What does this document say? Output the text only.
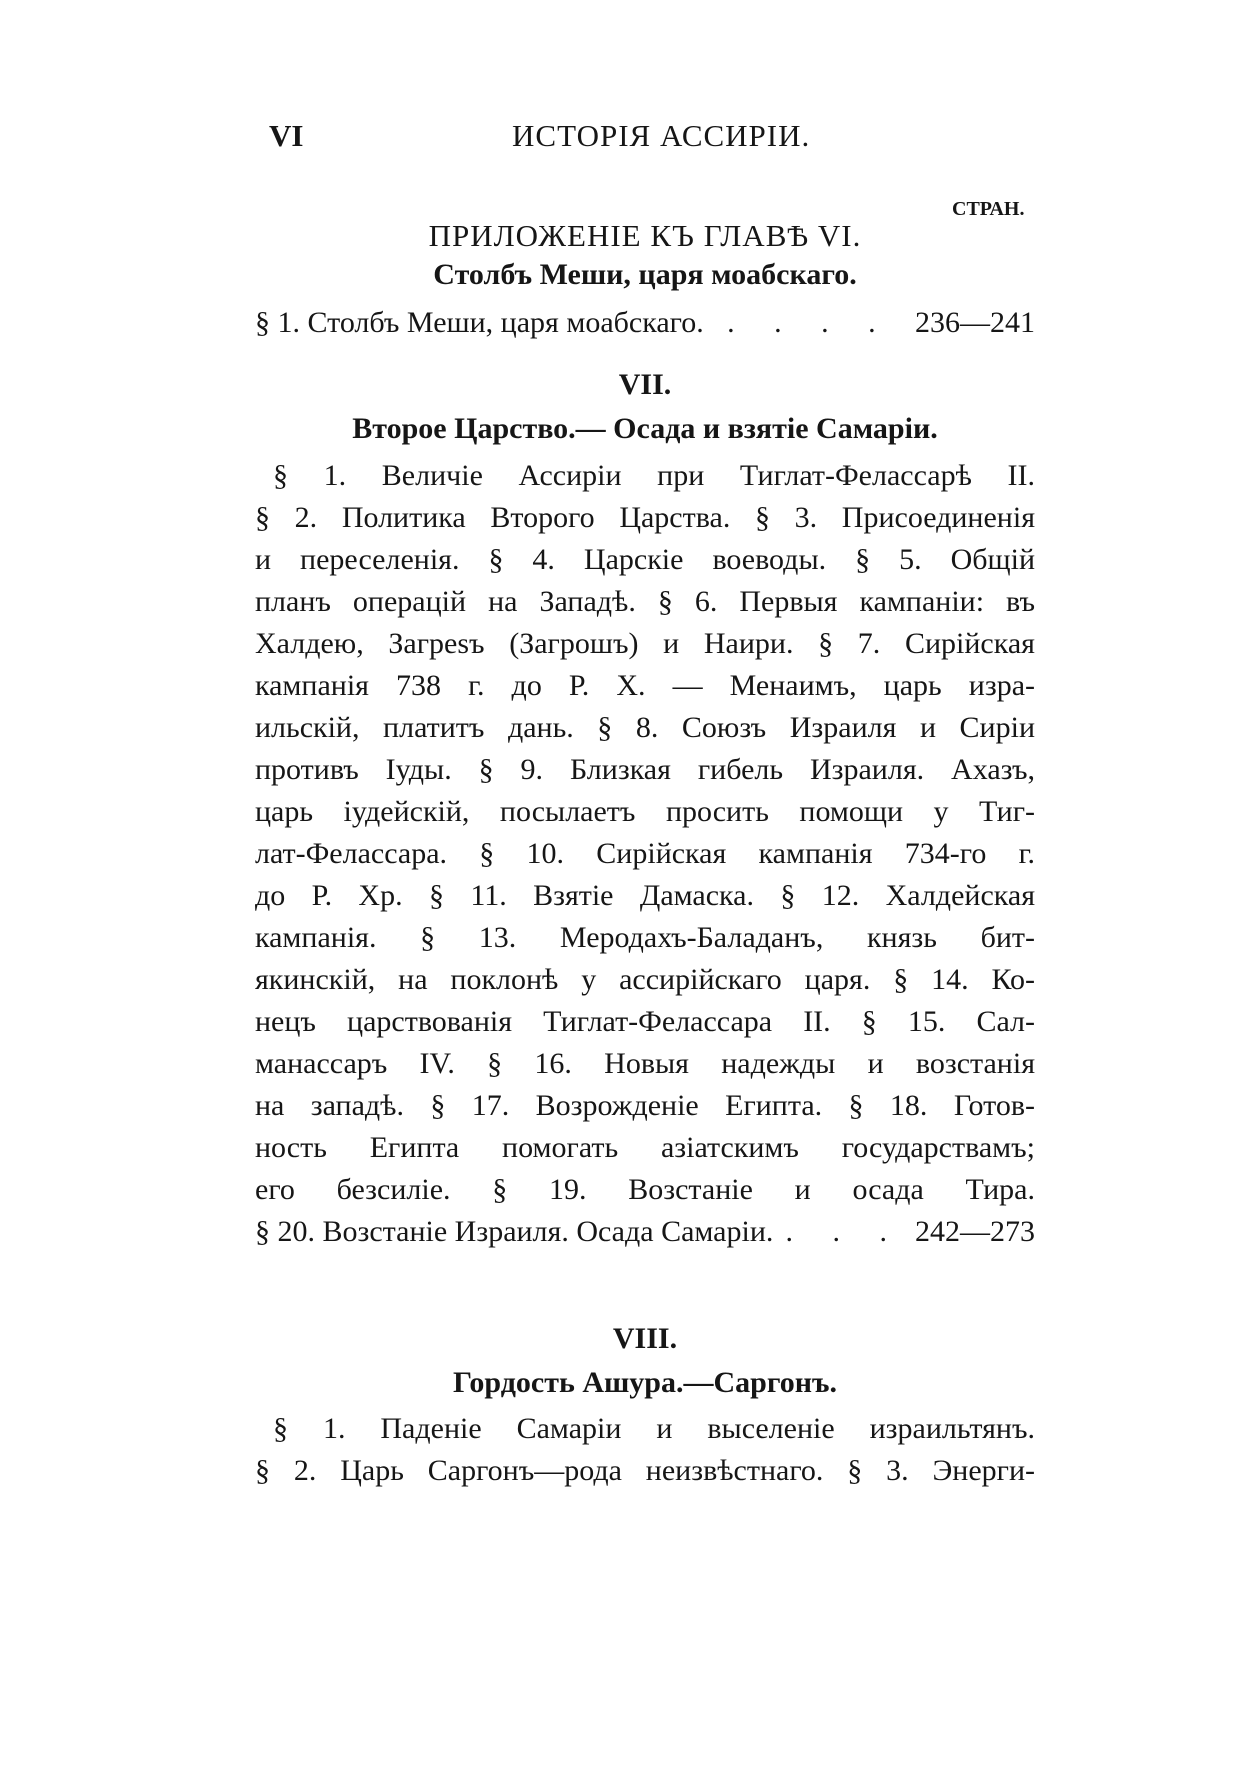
VI	ИСТОРІЯ АССИРІИ.
СТРАН.
ПРИЛОЖЕНІЕ КЪ ГЛАВѢ VI.
Столбъ Меши, царя моабскаго.
§ 1. Столбъ Меши, царя моабскаго. . . . . 236—241
VII.
Второе Царство.— Осада и взятіе Самаріи.
§ 1. Величіе Ассиріи при Тиглат-Фелассарѣ II.
§ 2. Политика Второго Царства. § 3. Присоединенія
и переселенія. § 4. Царскіе воеводы. § 5. Общій
планъ операцій на Западѣ. § 6. Первыя кампаніи: въ
Халдею, Загрesъ (Загрошъ) и Наири. § 7. Сирійская
кампанія 738 г. до Р. Х. — Менаимъ, царь изра-
ильскій, платитъ дань. § 8. Союзъ Израиля и Сиріи
противъ Іуды. § 9. Близкая гибель Израиля. Ахазъ,
царь іудейскій, посылаетъ просить помощи у Тиг-
лат-Фелассара. § 10. Сирійская кампанія 734-го г.
до Р. Хр. § 11. Взятіе Дамаска. § 12. Халдейская
кампанія. § 13. Меродахъ-Баладанъ, князь бит-
якинскій, на поклонѣ у ассирійскаго царя. § 14. Ко-
нецъ царствованія Тиглат-Фелассара II. § 15. Сал-
манассаръ IV. § 16. Новыя надежды и возстанія
на западѣ. § 17. Возрожденіе Египта. § 18. Готов-
ность Египта помогать азіатскимъ государствамъ;
его безсиліе. § 19. Возстаніе и осада Тира.
§ 20. Возстаніе Израиля. Осада Самаріи. . . . 242—273
VIII.
Гордость Ашура.—Саргонъ.
§ 1. Паденіе Самаріи и выселеніе израильтянъ.
§ 2. Царь Саргонъ—рода неизвѣстнаго. § 3. Энерги-
